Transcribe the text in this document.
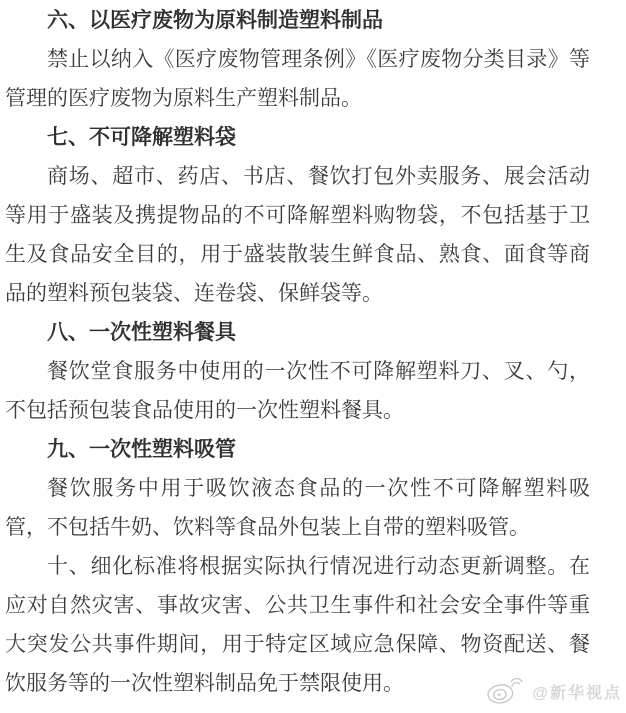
六、以医疗废物为原料制造塑料制品

禁止以纳入《医疗废物管理条例》《医疗废物分类目录》等管理的医疗废物为原料生产塑料制品。

七、不可降解塑料袋

商场、超市、药店、书店、餐饮打包外卖服务、展会活动等用于盛装及携提物品的不可降解塑料购物袋，不包括基于卫生及食品安全目的，用于盛装散装生鲜食品、熟食、面食等商品的塑料预包装袋、连卷袋、保鲜袋等。

八、一次性塑料餐具

餐饮堂食服务中使用的一次性不可降解塑料刀、叉、勺，不包括预包装食品使用的一次性塑料餐具。

九、一次性塑料吸管

餐饮服务中用于吸饮液态食品的一次性不可降解塑料吸管，不包括牛奶、饮料等食品外包装上自带的塑料吸管。

十、细化标准将根据实际执行情况进行动态更新调整。在应对自然灾害、事故灾害、公共卫生事件和社会安全事件等重大突发公共事件期间，用于特定区域应急保障、物资配送、餐饮服务等的一次性塑料制品免于禁限使用。	@新华视点
